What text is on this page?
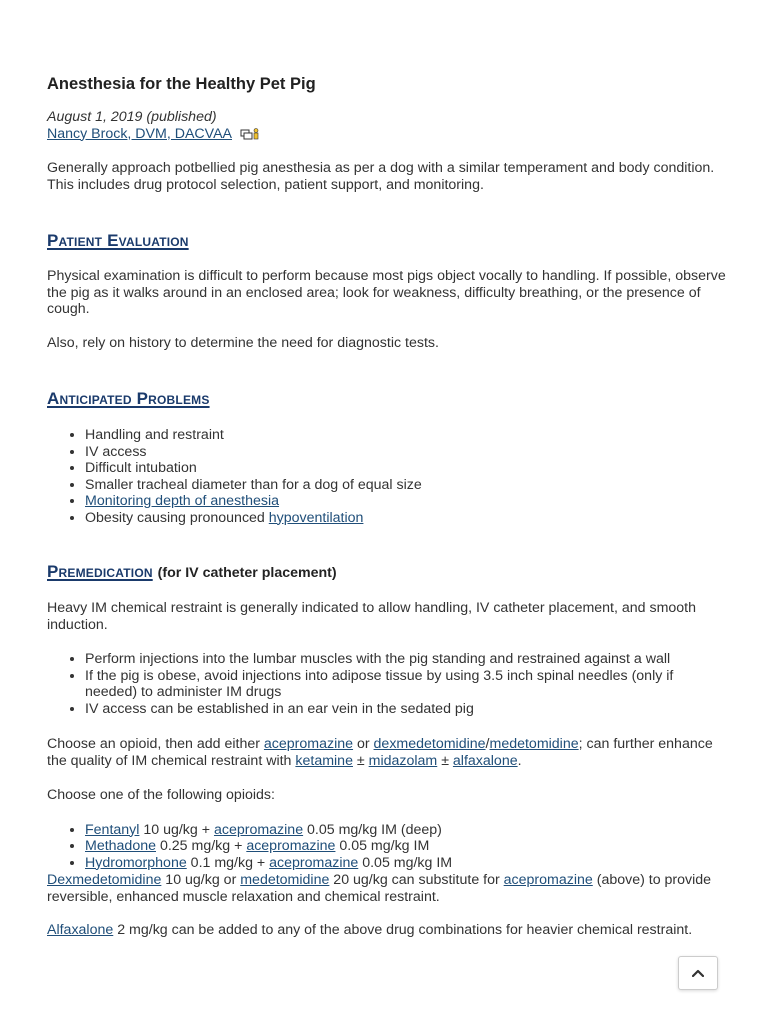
Anesthesia for the Healthy Pet Pig

August 1, 2019 (published)

Nancy Brock, DVM, DACVAA

Generally approach potbellied pig anesthesia as per a dog with a similar temperament and body condition. This includes drug protocol selection, patient support, and monitoring.

Patient Evaluation

Physical examination is difficult to perform because most pigs object vocally to handling. If possible, observe the pig as it walks around in an enclosed area; look for weakness, difficulty breathing, or the presence of cough.

Also, rely on history to determine the need for diagnostic tests.

Anticipated Problems
• Handling and restraint
• IV access
• Difficult intubation
• Smaller tracheal diameter than for a dog of equal size
• Monitoring depth of anesthesia
• Obesity causing pronounced hypoventilation
Premedication (for IV catheter placement)

Heavy IM chemical restraint is generally indicated to allow handling, IV catheter placement, and smooth induction.

• Perform injections into the lumbar muscles with the pig standing and restrained against a wall
• If the pig is obese, avoid injections into adipose tissue by using 3.5 inch spinal needles (only if needed) to administer IM drugs
• IV access can be established in an ear vein in the sedated pig

Choose an opioid, then add either acepromazine or dexmedetomidine/medetomidine; can further enhance the quality of IM chemical restraint with ketamine ± midazolam ± alfaxalone.

Choose one of the following opioids:

• Fentanyl 10 ug/kg + acepromazine 0.05 mg/kg IM (deep)
• Methadone 0.25 mg/kg + acepromazine 0.05 mg/kg IM
• Hydromorphone 0.1 mg/kg + acepromazine 0.05 mg/kg IM

Dexmedetomidine 10 ug/kg or medetomidine 20 ug/kg can substitute for acepromazine (above) to provide reversible, enhanced muscle relaxation and chemical restraint.

Alfaxalone 2 mg/kg can be added to any of the above drug combinations for heavier chemical restraint.
